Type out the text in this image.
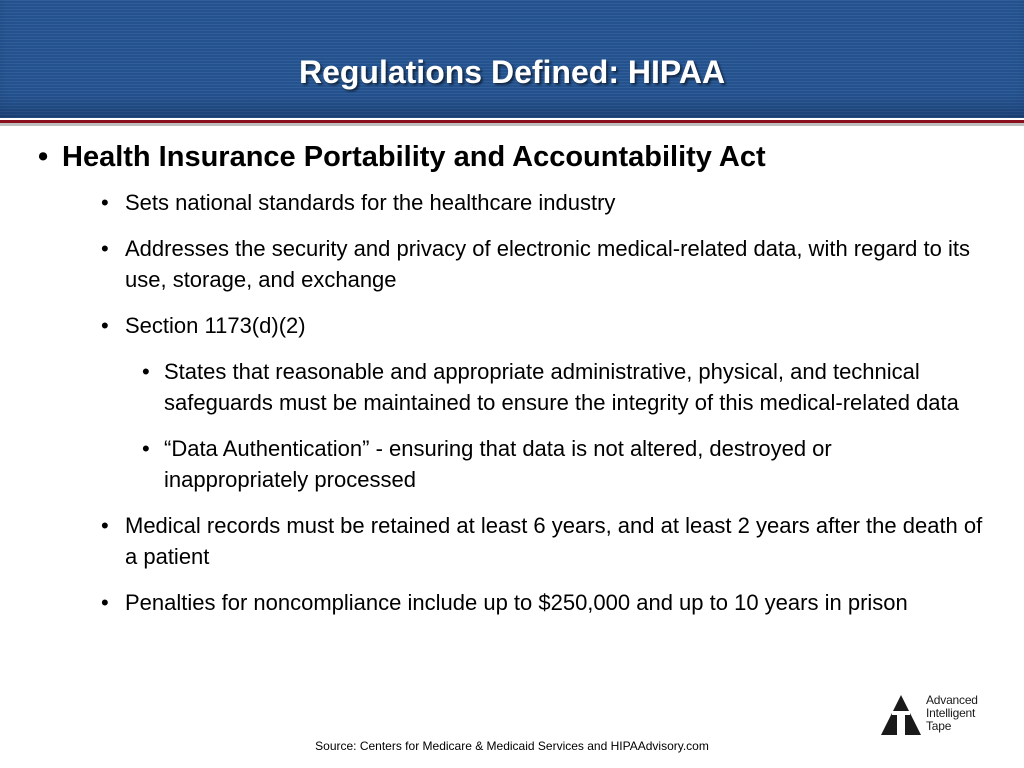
Regulations Defined: HIPAA
• Health Insurance Portability and Accountability Act
• Sets national standards for the healthcare industry
• Addresses the security and privacy of electronic medical-related data, with regard to its use, storage, and exchange
• Section 1173(d)(2)
• States that reasonable and appropriate administrative, physical, and technical safeguards must be maintained to ensure the integrity of this medical-related data
• “Data Authentication” - ensuring that data is not altered, destroyed or inappropriately processed
• Medical records must be retained at least 6 years, and at least 2 years after the death of a patient
• Penalties for noncompliance include up to $250,000 and up to 10 years in prison
Advanced
Intelligent
Tape
Source: Centers for Medicare & Medicaid Services and HIPAAdvisory.com
